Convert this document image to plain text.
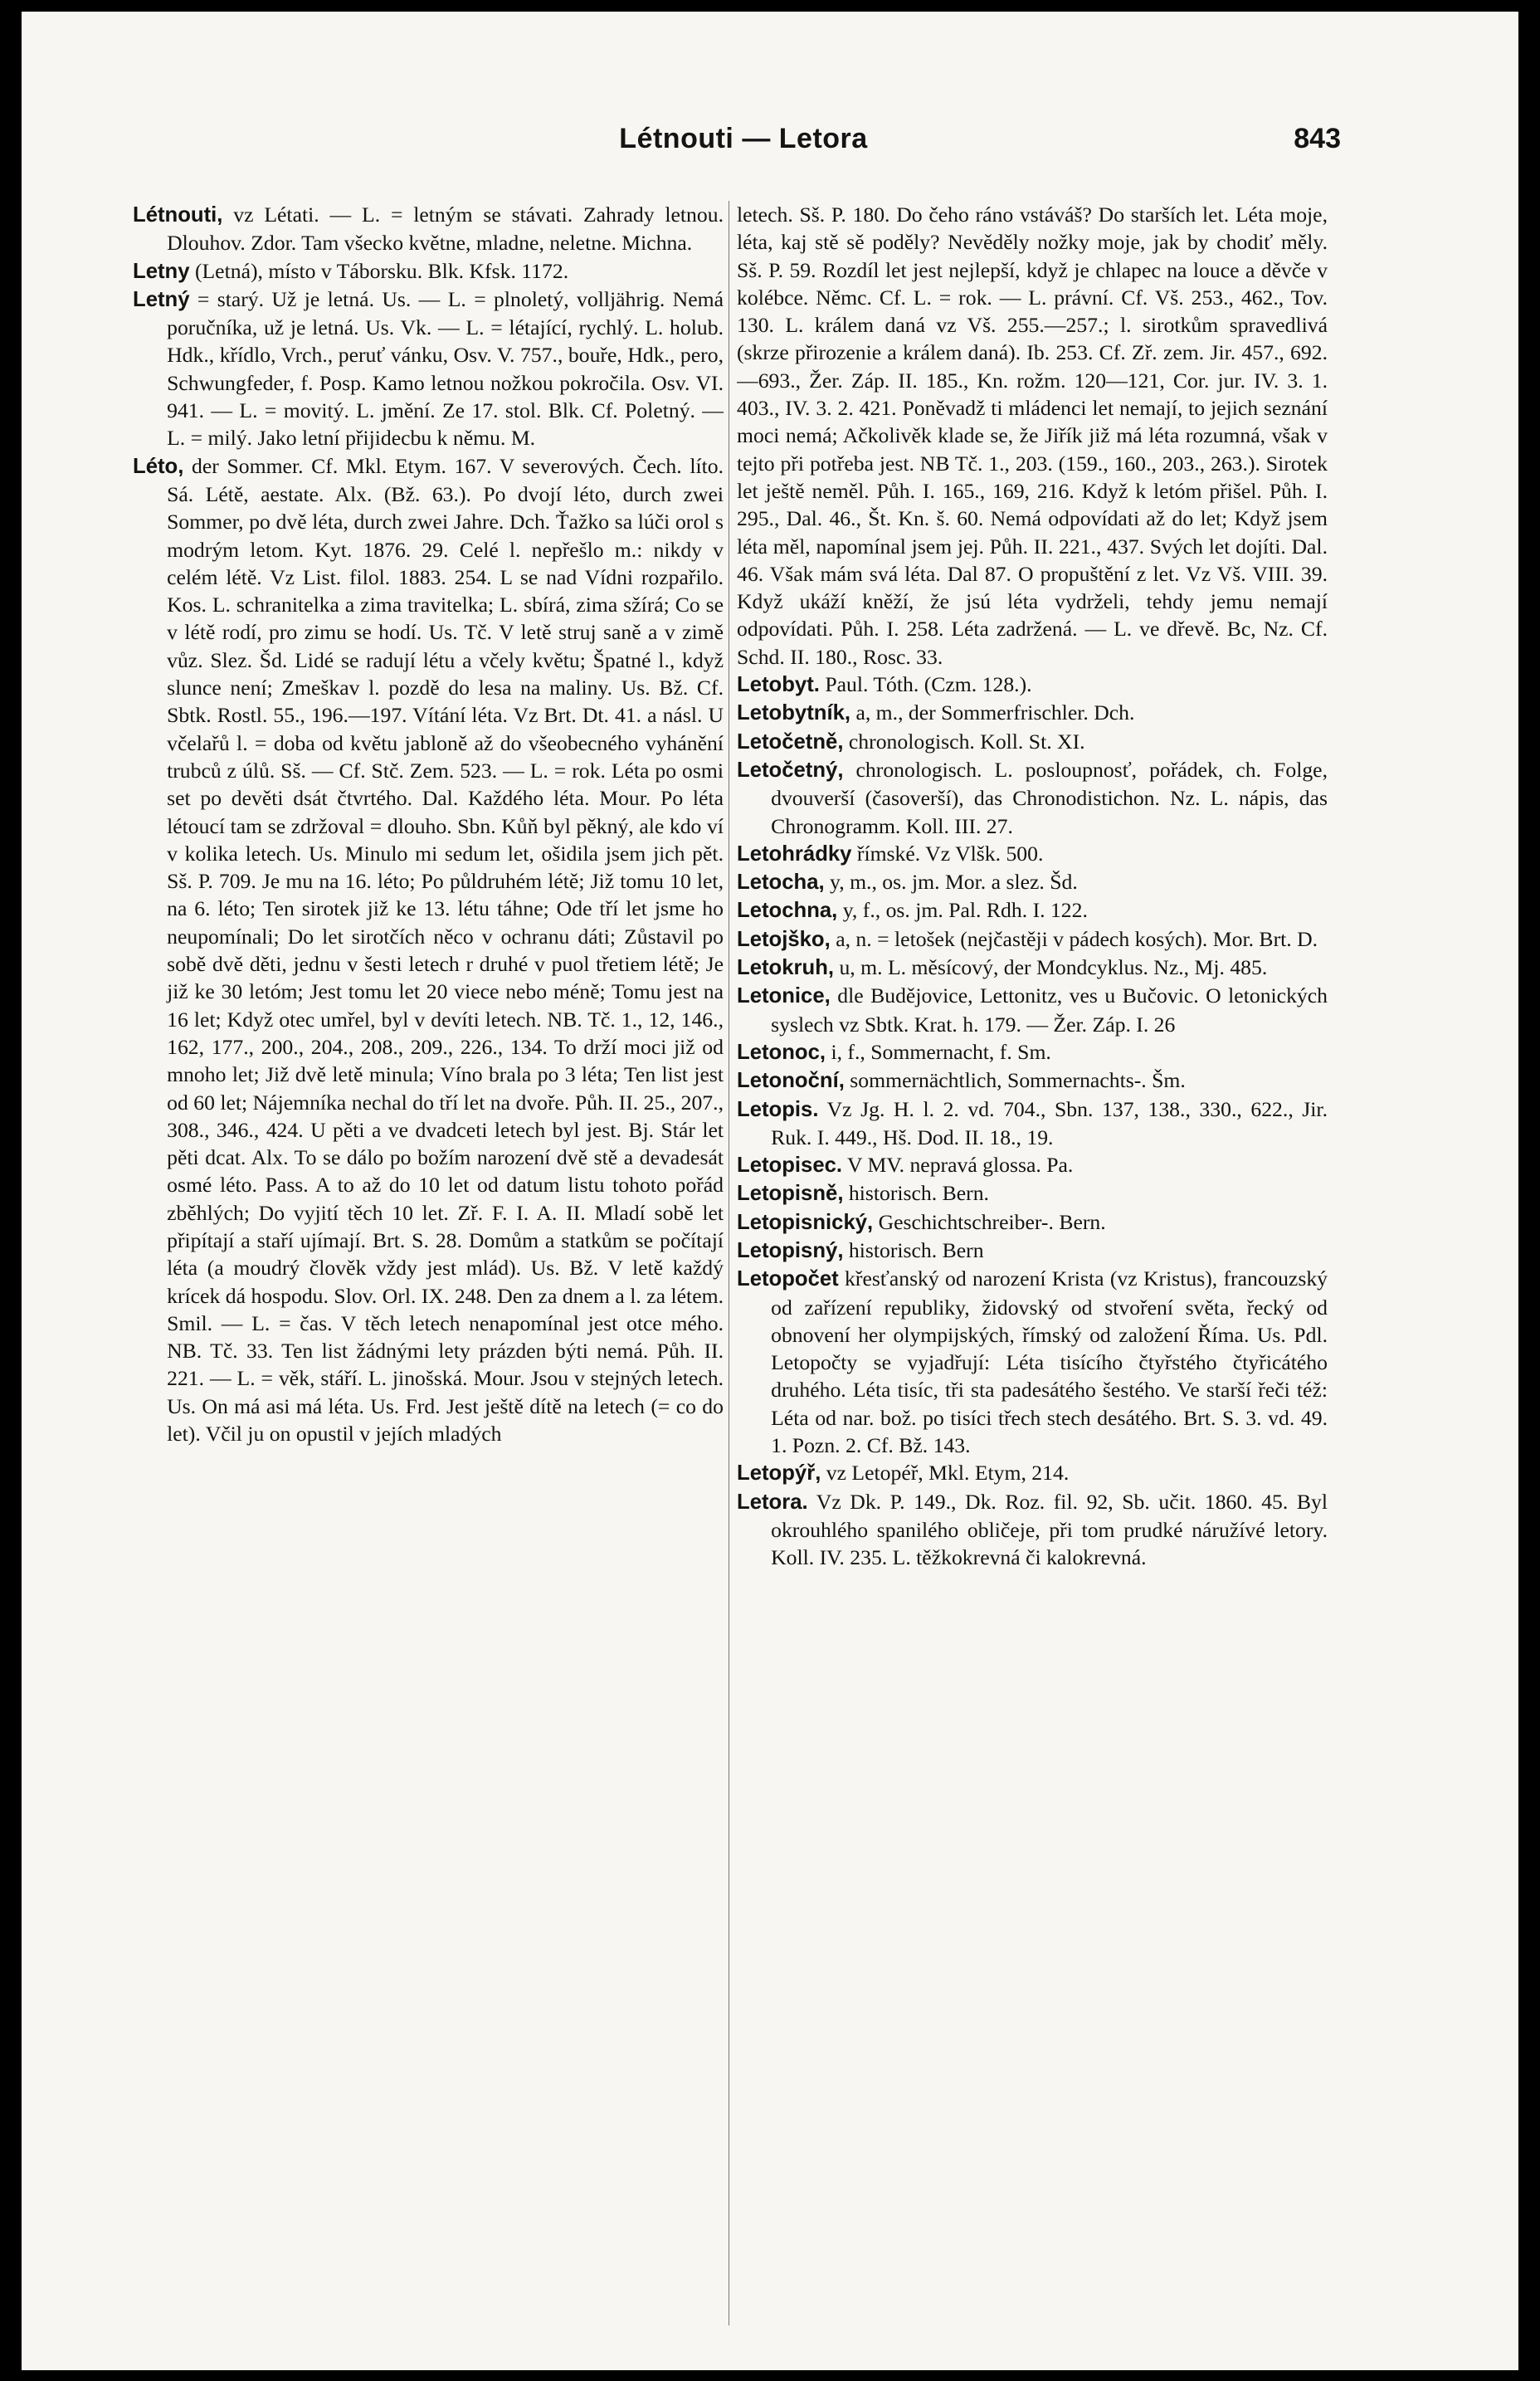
Létnouti — Letora	843

Létnouti, vz Létati. — L. = letným se stávati. Zahrady letnou. Dlouhov. Zdor. Tam všecko květne, mladne, neletne. Michna.

Letny (Letná), místo v Táborsku. Blk. Kfsk. 1172.

Letný = starý. Už je letná. Us. — L. = plnoletý, volljährig. Nemá poručníka, už je letná. Us. Vk. — L. = létající, rychlý. L. holub. Hdk., křídlo, Vrch., peruť vánku, Osv. V. 757., bouře, Hdk., pero, Schwungfeder, f. Posp. Kamo letnou nožkou pokročila. Osv. VI. 941. — L. = movitý. L. jmění. Ze 17. stol. Blk. Cf. Poletný. — L. = milý. Jako letní přijidecbu k němu. M.

Léto, der Sommer. Cf. Mkl. Etym. 167. V severových. Čech. líto. Sá. Létě, aestate. Alx. (Bž. 63.). Po dvojí léto, durch zwei Sommer, po dvě léta, durch zwei Jahre. Dch. Ťažko sa lúči orol s modrým letom. Kyt. 1876. 29. Celé l. nepřešlo m.: nikdy v celém létě. Vz List. filol. 1883. 254. L se nad Vídni rozpařilo. Kos. L. schranitelka a zima travitelka; L. sbírá, zima sžírá; Co se v létě rodí, pro zimu se hodí. Us. Tč. V letě struj saně a v zimě vůz. Slez. Šd. Lidé se radují létu a včely květu; Špatné l., když slunce není; Zmeškav l. pozdě do lesa na maliny. Us. Bž. Cf. Sbtk. Rostl. 55., 196.—197. Vítání léta. Vz Brt. Dt. 41. a násl. U včelařů l. = doba od květu jabloně až do všeobecného vyhánění trubců z úlů. Sš. — Cf. Stč. Zem. 523. — L. = rok. Léta po osmi set po devěti dsát čtvrtého. Dal. Každého léta. Mour. Po léta létoucí tam se zdržoval = dlouho. Sbn. Kůň byl pěkný, ale kdo ví v kolika letech. Us. Minulo mi sedum let, ošidila jsem jich pět. Sš. P. 709. Je mu na 16. léto; Po půldruhém létě; Již tomu 10 let, na 6. léto; Ten sirotek již ke 13. létu táhne; Ode tří let jsme ho neupomínali; Do let sirotčích něco v ochranu dáti; Zůstavil po sobě dvě děti, jednu v šesti letech r druhé v puol třetiem létě; Je již ke 30 letóm; Jest tomu let 20 viece nebo méně; Tomu jest na 16 let; Když otec umřel, byl v devíti letech. NB. Tč. 1., 12, 146., 162, 177., 200., 204., 208., 209., 226., 134. To drží moci již od mnoho let; Již dvě letě minula; Víno brala po 3 léta; Ten list jest od 60 let; Nájemníka nechal do tří let na dvoře. Půh. II. 25., 207., 308., 346., 424. U pěti a ve dvadceti letech byl jest. Bj. Stár let pěti dcat. Alx. To se dálo po božím narození dvě stě a devadesát osmé léto. Pass. A to až do 10 let od datum listu tohoto pořád zběhlých; Do vyjití těch 10 let. Zř. F. I. A. II. Mladí sobě let připítají a staří ujímají. Brt. S. 28. Domům a statkům se počítají léta (a moudrý člověk vždy jest mlád). Us. Bž. V letě každý krícek dá hospodu. Slov. Orl. IX. 248. Den za dnem a l. za létem. Smil. — L. = čas. V těch letech nenapomínal jest otce mého. NB. Tč. 33. Ten list žádnými lety prázden býti nemá. Půh. II. 221. — L. = věk, stáří. L. jinošská. Mour. Jsou v stejných letech. Us. On má asi má léta. Us. Frd. Jest ještě dítě na letech (= co do let). Včil ju on opustil v jejích mladých

letech. Sš. P. 180. Do čeho ráno vstáváš? Do starších let. Léta moje, léta, kaj stě sě poděly? Nevěděly nožky moje, jak by chodiť měly. Sš. P. 59. Rozdíl let jest nejlepší, když je chlapec na louce a děvče v kolébce. Němc. Cf. L. = rok. — L. právní. Cf. Vš. 253., 462., Tov. 130. L. králem daná vz Vš. 255.—257.; l. sirotkům spravedlivá (skrze přirozenie a králem daná). Ib. 253. Cf. Zř. zem. Jir. 457., 692.—693., Žer. Záp. II. 185., Kn. rožm. 120—121, Cor. jur. IV. 3. 1. 403., IV. 3. 2. 421. Poněvadž ti mládenci let nemají, to jejich seznání moci nemá; Ačkolivěk klade se, že Jiřík již má léta rozumná, však v tejto při potřeba jest. NB Tč. 1., 203. (159., 160., 203., 263.). Sirotek let ještě neměl. Půh. I. 165., 169, 216. Když k letóm přišel. Půh. I. 295., Dal. 46., Št. Kn. š. 60. Nemá odpovídati až do let; Když jsem léta měl, napomínal jsem jej. Půh. II. 221., 437. Svých let dojíti. Dal. 46. Však mám svá léta. Dal 87. O propuštění z let. Vz Vš. VIII. 39. Když ukáží kněží, že jsú léta vydrželi, tehdy jemu nemají odpovídati. Půh. I. 258. Léta zadržená. — L. ve dřevě. Bc, Nz. Cf. Schd. II. 180., Rosc. 33.

Letobyt. Paul. Tóth. (Czm. 128.).

Letobytník, a, m., der Sommerfrischler. Dch.

Letočetně, chronologisch. Koll. St. XI.

Letočetný, chronologisch. L. posloupnosť, pořádek, ch. Folge, dvouverší (časoverší), das Chronodistichon. Nz. L. nápis, das Chronogramm. Koll. III. 27.

Letohrádky římské. Vz Vlšk. 500.

Letocha, y, m., os. jm. Mor. a slez. Šd.

Letochna, y, f., os. jm. Pal. Rdh. I. 122.

Letojško, a, n. = letošek (nejčastěji v pádech kosých). Mor. Brt. D.

Letokruh, u, m. L. měsícový, der Mondcyklus. Nz., Mj. 485.

Letonice, dle Budějovice, Lettonitz, ves u Bučovic. O letonických syslech vz Sbtk. Krat. h. 179. — Žer. Záp. I. 26

Letonoc, i, f., Sommernacht, f. Sm.

Letonoční, sommernächtlich, Sommernachts-. Šm.

Letopis. Vz Jg. H. l. 2. vd. 704., Sbn. 137, 138., 330., 622., Jir. Ruk. I. 449., Hš. Dod. II. 18., 19.

Letopisec. V MV. nepravá glossa. Pa.

Letopisně, historisch. Bern.

Letopisnický, Geschichtschreiber-. Bern.

Letopisný, historisch. Bern

Letopočet křesťanský od narození Krista (vz Kristus), francouzský od zařízení republiky, židovský od stvoření světa, řecký od obnovení her olympijských, římský od založení Říma. Us. Pdl. Letopočty se vyjadřují: Léta tisícího čtyřstého čtyřicátého druhého. Léta tisíc, tři sta padesátého šestého. Ve starší řeči též: Léta od nar. bož. po tisíci třech stech desátého. Brt. S. 3. vd. 49. 1. Pozn. 2. Cf. Bž. 143.

Letopýř, vz Letopéř, Mkl. Etym, 214.

Letora. Vz Dk. P. 149., Dk. Roz. fil. 92, Sb. učit. 1860. 45. Byl okrouhlého spanilého obličeje, při tom prudké náružívé letory. Koll. IV. 235. L. těžkokrevná či kalokrevná.
